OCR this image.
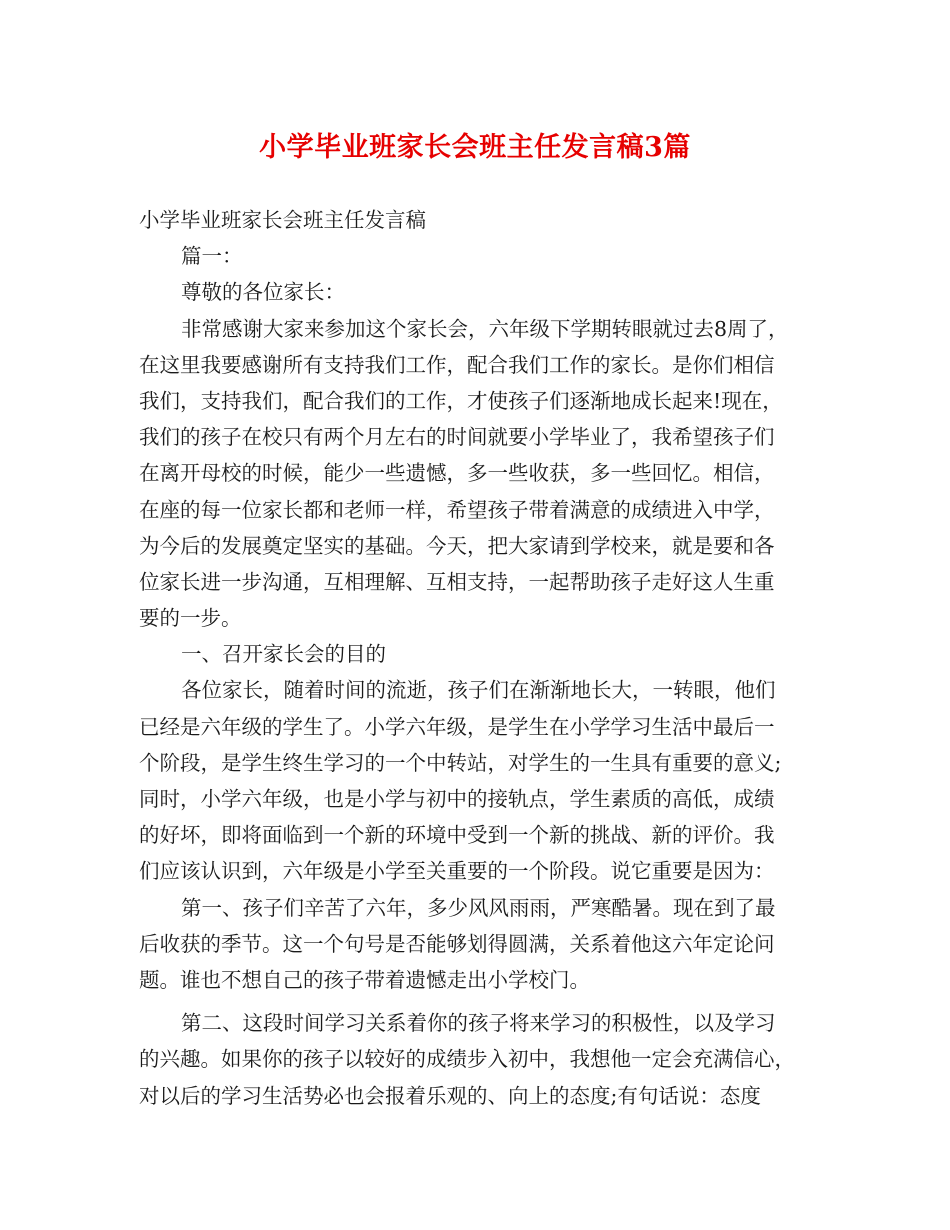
小学毕业班家长会班主任发言稿3篇
小学毕业班家长会班主任发言稿
篇一：
尊敬的各位家长：
非常感谢大家来参加这个家长会，六年级下学期转眼就过去8周了，
在这里我要感谢所有支持我们工作，配合我们工作的家长。是你们相信
我们，支持我们，配合我们的工作，才使孩子们逐渐地成长起来!现在，
我们的孩子在校只有两个月左右的时间就要小学毕业了，我希望孩子们
在离开母校的时候，能少一些遗憾，多一些收获，多一些回忆。相信，
在座的每一位家长都和老师一样，希望孩子带着满意的成绩进入中学，
为今后的发展奠定坚实的基础。今天，把大家请到学校来，就是要和各
位家长进一步沟通，互相理解、互相支持，一起帮助孩子走好这人生重
要的一步。
一、召开家长会的目的
各位家长，随着时间的流逝，孩子们在渐渐地长大，一转眼，他们
已经是六年级的学生了。小学六年级，是学生在小学学习生活中最后一
个阶段，是学生终生学习的一个中转站，对学生的一生具有重要的意义;
同时，小学六年级，也是小学与初中的接轨点，学生素质的高低，成绩
的好坏，即将面临到一个新的环境中受到一个新的挑战、新的评价。我
们应该认识到，六年级是小学至关重要的一个阶段。说它重要是因为：
第一、孩子们辛苦了六年，多少风风雨雨，严寒酷暑。现在到了最
后收获的季节。这一个句号是否能够划得圆满，关系着他这六年定论问
题。谁也不想自己的孩子带着遗憾走出小学校门。
第二、这段时间学习关系着你的孩子将来学习的积极性，以及学习
的兴趣。如果你的孩子以较好的成绩步入初中，我想他一定会充满信心，
对以后的学习生活势必也会报着乐观的、向上的态度;有句话说：态度
